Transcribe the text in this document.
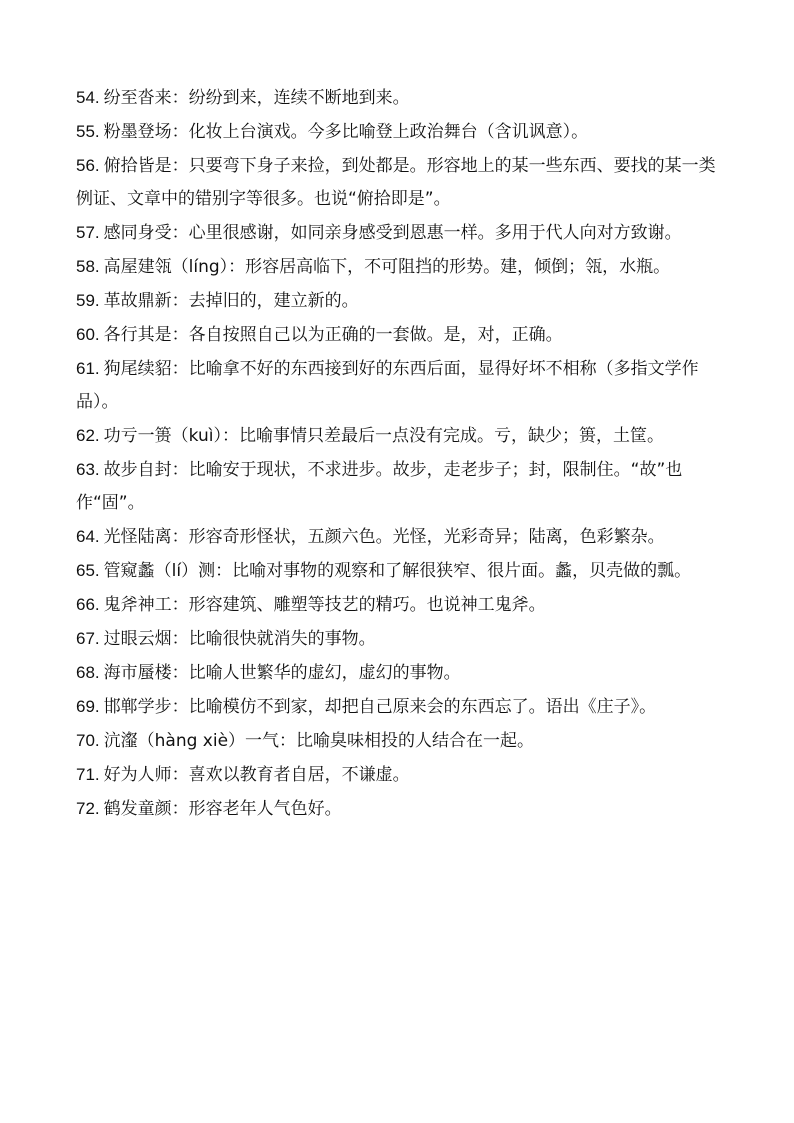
54. 纷至沓来：纷纷到来，连续不断地到来。

55. 粉墨登场：化妆上台演戏。今多比喻登上政治舞台（含讥讽意）。

56. 俯拾皆是：只要弯下身子来捡，到处都是。形容地上的某一些东西、要找的某一类例证、文章中的错别字等很多。也说“俯拾即是”。

57. 感同身受：心里很感谢，如同亲身感受到恩惠一样。多用于代人向对方致谢。

58. 高屋建瓴（líng）：形容居高临下，不可阻挡的形势。建，倾倒；瓴，水瓶。

59. 革故鼎新：去掉旧的，建立新的。

60. 各行其是：各自按照自己以为正确的一套做。是，对，正确。

61. 狗尾续貂：比喻拿不好的东西接到好的东西后面，显得好坏不相称（多指文学作品）。

62. 功亏一篑（kuì）：比喻事情只差最后一点没有完成。亏，缺少；篑，土筐。

63. 故步自封：比喻安于现状，不求进步。故步，走老步子；封，限制住。“故”也作“固”。

64. 光怪陆离：形容奇形怪状，五颜六色。光怪，光彩奇异；陆离，色彩繁杂。

65. 管窥蠡（lí）测：比喻对事物的观察和了解很狭窄、很片面。蠡，贝壳做的瓢。

66. 鬼斧神工：形容建筑、雕塑等技艺的精巧。也说神工鬼斧。

67. 过眼云烟：比喻很快就消失的事物。

68. 海市蜃楼：比喻人世繁华的虚幻，虚幻的事物。

69. 邯郸学步：比喻模仿不到家，却把自己原来会的东西忘了。语出《庄子》。

70. 沆瀣（hàng xiè）一气：比喻臭味相投的人结合在一起。

71. 好为人师：喜欢以教育者自居，不谦虚。

72. 鹤发童颜：形容老年人气色好。
